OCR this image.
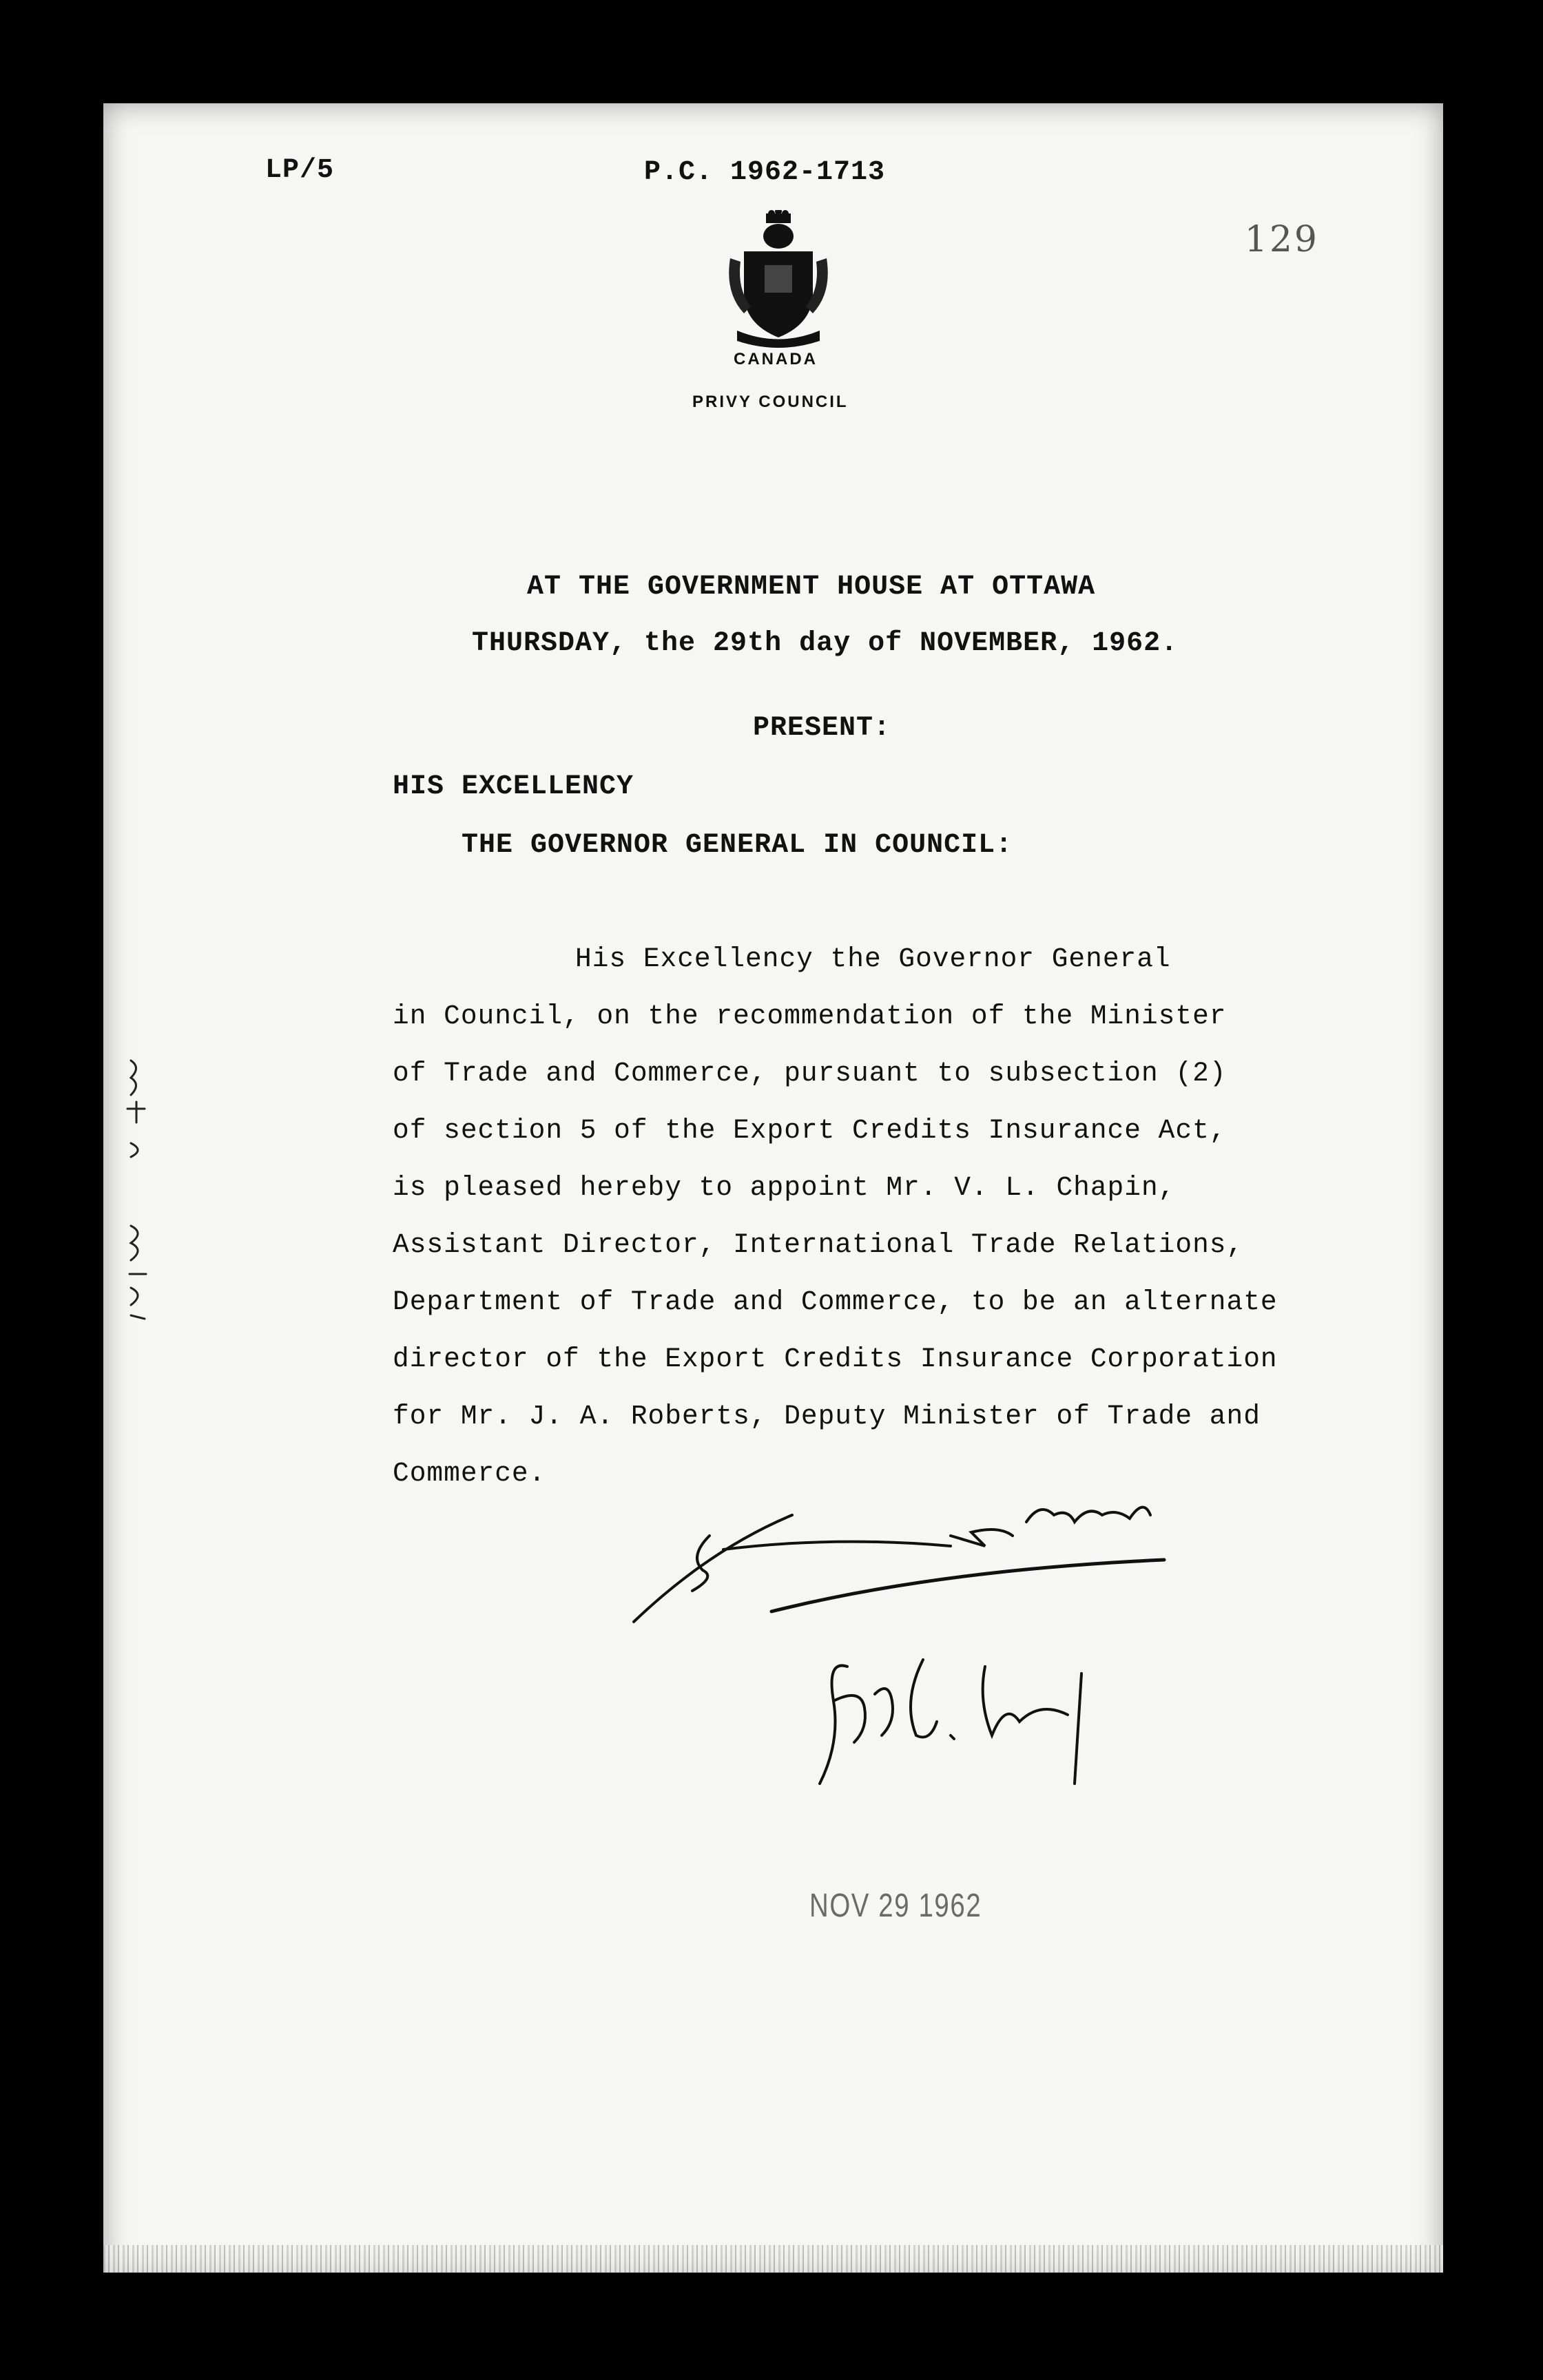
LP/5	P.C. 1962-1713
129
CANADA
PRIVY COUNCIL
AT THE GOVERNMENT HOUSE AT OTTAWA
THURSDAY, the 29th day of NOVEMBER, 1962.
PRESENT:
HIS EXCELLENCY
THE GOVERNOR GENERAL IN COUNCIL:
His Excellency the Governor General
in Council, on the recommendation of the Minister
of Trade and Commerce, pursuant to subsection (2)
of section 5 of the Export Credits Insurance Act,
is pleased hereby to appoint Mr. V. L. Chapin,
Assistant Director, International Trade Relations,
Department of Trade and Commerce, to be an alternate
director of the Export Credits Insurance Corporation
for Mr. J. A. Roberts, Deputy Minister of Trade and
Commerce.
NOV 29 1962
